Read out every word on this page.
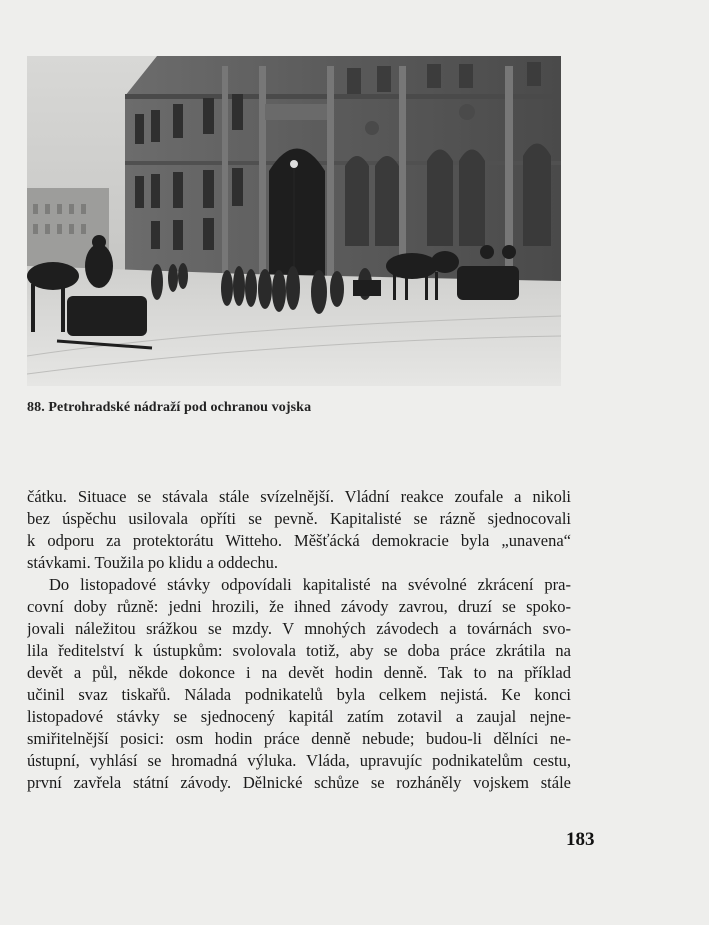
88. Petrohradské nádraží pod ochranou vojska
čátku. Situace se stávala stále svízelnější. Vládní reakce zoufale a nikoli
bez úspěchu usilovala opříti se pevně. Kapitalisté se rázně sjednocovali
k odporu za protektorátu Witteho. Měšťácká demokracie byla „unavena“
stávkami. Toužila po klidu a oddechu.
Do listopadové stávky odpovídali kapitalisté na svévolné zkrácení pra-
covní doby různě: jedni hrozili, že ihned závody zavrou, druzí se spoko-
jovali náležitou srážkou se mzdy. V mnohých závodech a továrnách svo-
lila ředitelství k ústupkům: svolovala totiž, aby se doba práce zkrátila na
devět a půl, někde dokonce i na devět hodin denně. Tak to na příklad
učinil svaz tiskařů. Nálada podnikatelů byla celkem nejistá. Ke konci
listopadové stávky se sjednocený kapitál zatím zotavil a zaujal nejne-
smiřitelnější posici: osm hodin práce denně nebude; budou-li dělníci ne-
ústupní, vyhlásí se hromadná výluka. Vláda, upravujíc podnikatelům cestu,
první zavřela státní závody. Dělnické schůze se rozháněly vojskem stále
183
